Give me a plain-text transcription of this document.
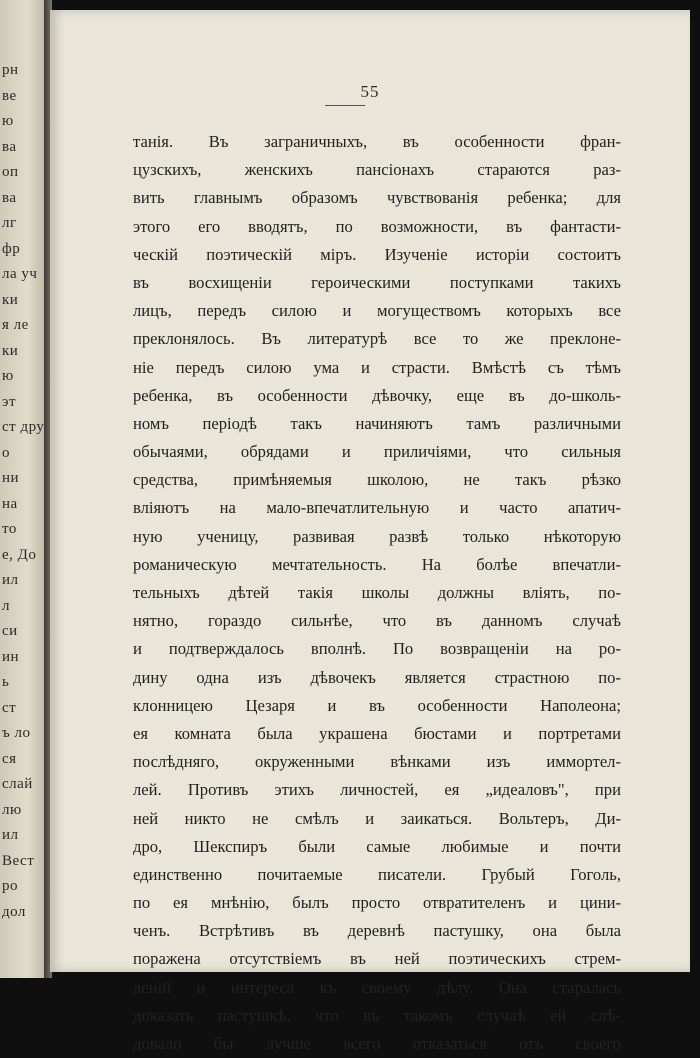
рн
ве
ю
ва
оп
ва
лг
фр
ла уч
ки
я ле
ки
ю
эт
ст дру
о
ни
на
то
е, До
ил
л
си
ин
ь
ст
ъ ло
ся
слай
лю
ил
Вест
ро
дол
55
танія. Въ заграничныхъ, въ особенности фран-
цузскихъ, женскихъ пансіонахъ стараются раз-
вить главнымъ образомъ чувствованія ребенка; для
этого его вводятъ, по возможности, въ фантасти-
ческій поэтическій міръ. Изученіе исторіи состоитъ
въ восхищеніи героическими поступками такихъ
лицъ, передъ силою и могуществомъ которыхъ все
преклонялось. Въ литературѣ все то же преклоне-
ніе передъ силою ума и страсти. Вмѣстѣ съ тѣмъ
ребенка, въ особенности дѣвочку, еще въ до-школь-
номъ періодѣ такъ начиняютъ тамъ различными
обычаями, обрядами и приличіями, что сильныя
средства, примѣняемыя школою, не такъ рѣзко
вліяютъ на мало-впечатлительную и часто апатич-
ную ученицу, развивая развѣ только нѣкоторую
романическую мечтательность. На болѣе впечатли-
тельныхъ дѣтей такія школы должны вліять, по-
нятно, гораздо сильнѣе, что въ данномъ случаѣ
и подтверждалось вполнѣ. По возвращеніи на ро-
дину одна изъ дѣвочекъ является страстною по-
клонницею Цезаря и въ особенности Наполеона;
ея комната была украшена бюстами и портретами
послѣдняго, окруженными вѣнками изъ иммортел-
лей. Противъ этихъ личностей, ея „идеаловъ", при
ней никто не смѣлъ и заикаться. Вольтеръ, Ди-
дро, Шекспиръ были самые любимые и почти
единственно почитаемые писатели. Грубый Гоголь,
по ея мнѣнію, былъ просто отвратителенъ и цини-
ченъ. Встрѣтивъ въ деревнѣ пастушку, она была
поражена отсутствіемъ въ ней поэтическихъ стрем-
леній и интереса къ своему дѣлу. Она старалась
доказать пастушкѣ, что въ такомъ случаѣ ей слѣ-
довало бы лучше всего отказаться отъ своего
